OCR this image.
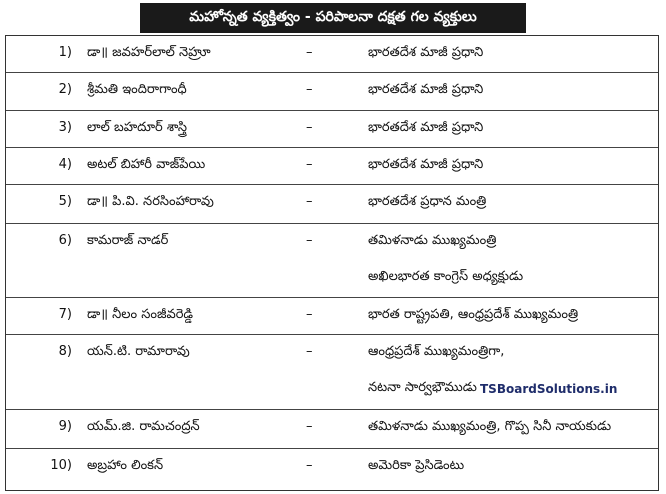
మహోన్నత వ్యక్తిత్వం - పరిపాలనా దక్షత గల వ్యక్తులు
1) డా॥ జవహర్‌లాల్ నెహ్రూ	–	భారతదేశ మాజీ ప్రధాని
2) శ్రీమతి ఇందిరాగాంధీ	–	భారతదేశ మాజీ ప్రధాని
3) లాల్ బహదూర్ శాస్త్రి	–	భారతదేశ మాజీ ప్రధాని
4) అటల్ బిహారీ వాజ్‌పేయి	–	భారతదేశ మాజీ ప్రధాని
5) డా॥ పి.వి. నరసింహారావు	–	భారతదేశ ప్రధాన మంత్రి
6) కామరాజ్ నాడర్	–	తమిళనాడు ముఖ్యమంత్రి
అఖిలభారత కాంగ్రెస్ అధ్యక్షుడు
7) డా॥ నీలం సంజీవరెడ్డి	–	భారత రాష్ట్రపతి, ఆంధ్రప్రదేశ్ ముఖ్యమంత్రి
8) యన్.టి. రామారావు	–	ఆంధ్రప్రదేశ్ ముఖ్యమంత్రిగా,
నటనా సార్వభౌముడు
9) యమ్.జి. రామచంద్రన్	–	తమిళనాడు ముఖ్యమంత్రి, గొప్ప సినీ నాయకుడు
10) అబ్రహాం లింకన్	–	అమెరికా ప్రెసిడెంటు
TSBoardSolutions.in
